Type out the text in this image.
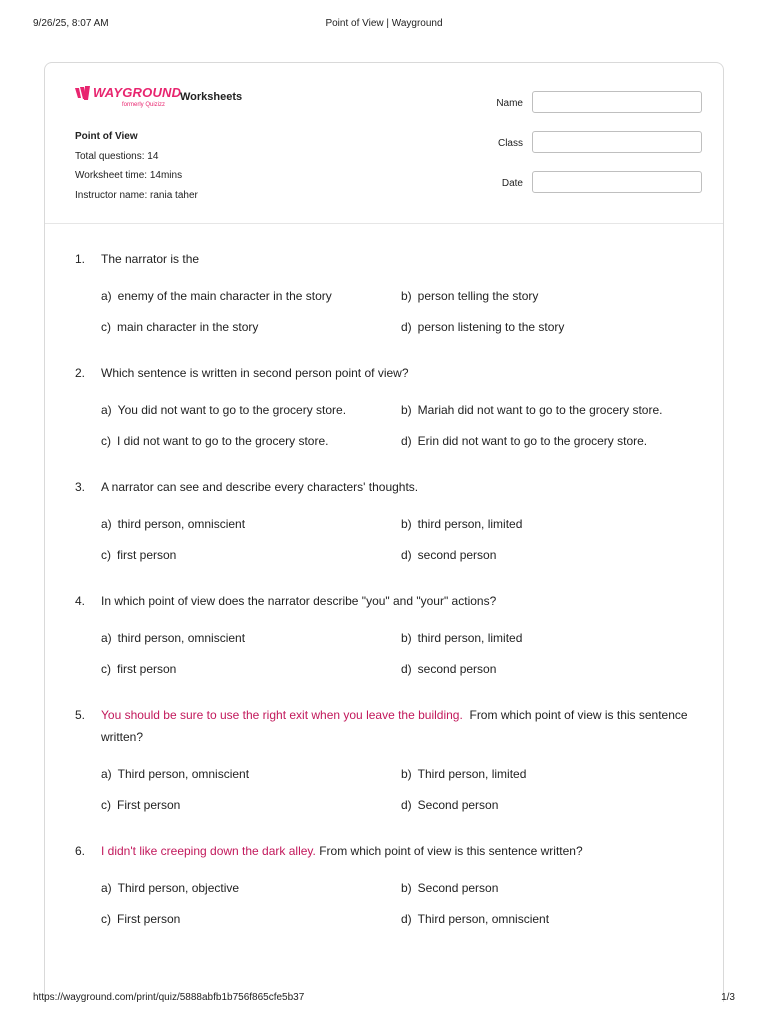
9/26/25, 8:07 AM	Point of View | Wayground
WAYGROUND
formerly Quizizz
Worksheets
Point of View
Total questions: 14
Worksheet time: 14mins
Instructor name: rania taher
Name
Class
Date
1. The narrator is the
a) enemy of the main character in the story	b) person telling the story
c) main character in the story	d) person listening to the story
2. Which sentence is written in second person point of view?
a) You did not want to go to the grocery store.	b) Mariah did not want to go to the grocery store.
c) I did not want to go to the grocery store.	d) Erin did not want to go to the grocery store.
3. A narrator can see and describe every characters' thoughts.
a) third person, omniscient	b) third person, limited
c) first person	d) second person
4. In which point of view does the narrator describe "you" and "your" actions?
a) third person, omniscient	b) third person, limited
c) first person	d) second person
5. You should be sure to use the right exit when you leave the building. From which point of view is this sentence written?
a) Third person, omniscient	b) Third person, limited
c) First person	d) Second person
6. I didn't like creeping down the dark alley. From which point of view is this sentence written?
a) Third person, objective	b) Second person
c) First person	d) Third person, omniscient
https://wayground.com/print/quiz/5888abfb1b756f865cfe5b37	1/3
